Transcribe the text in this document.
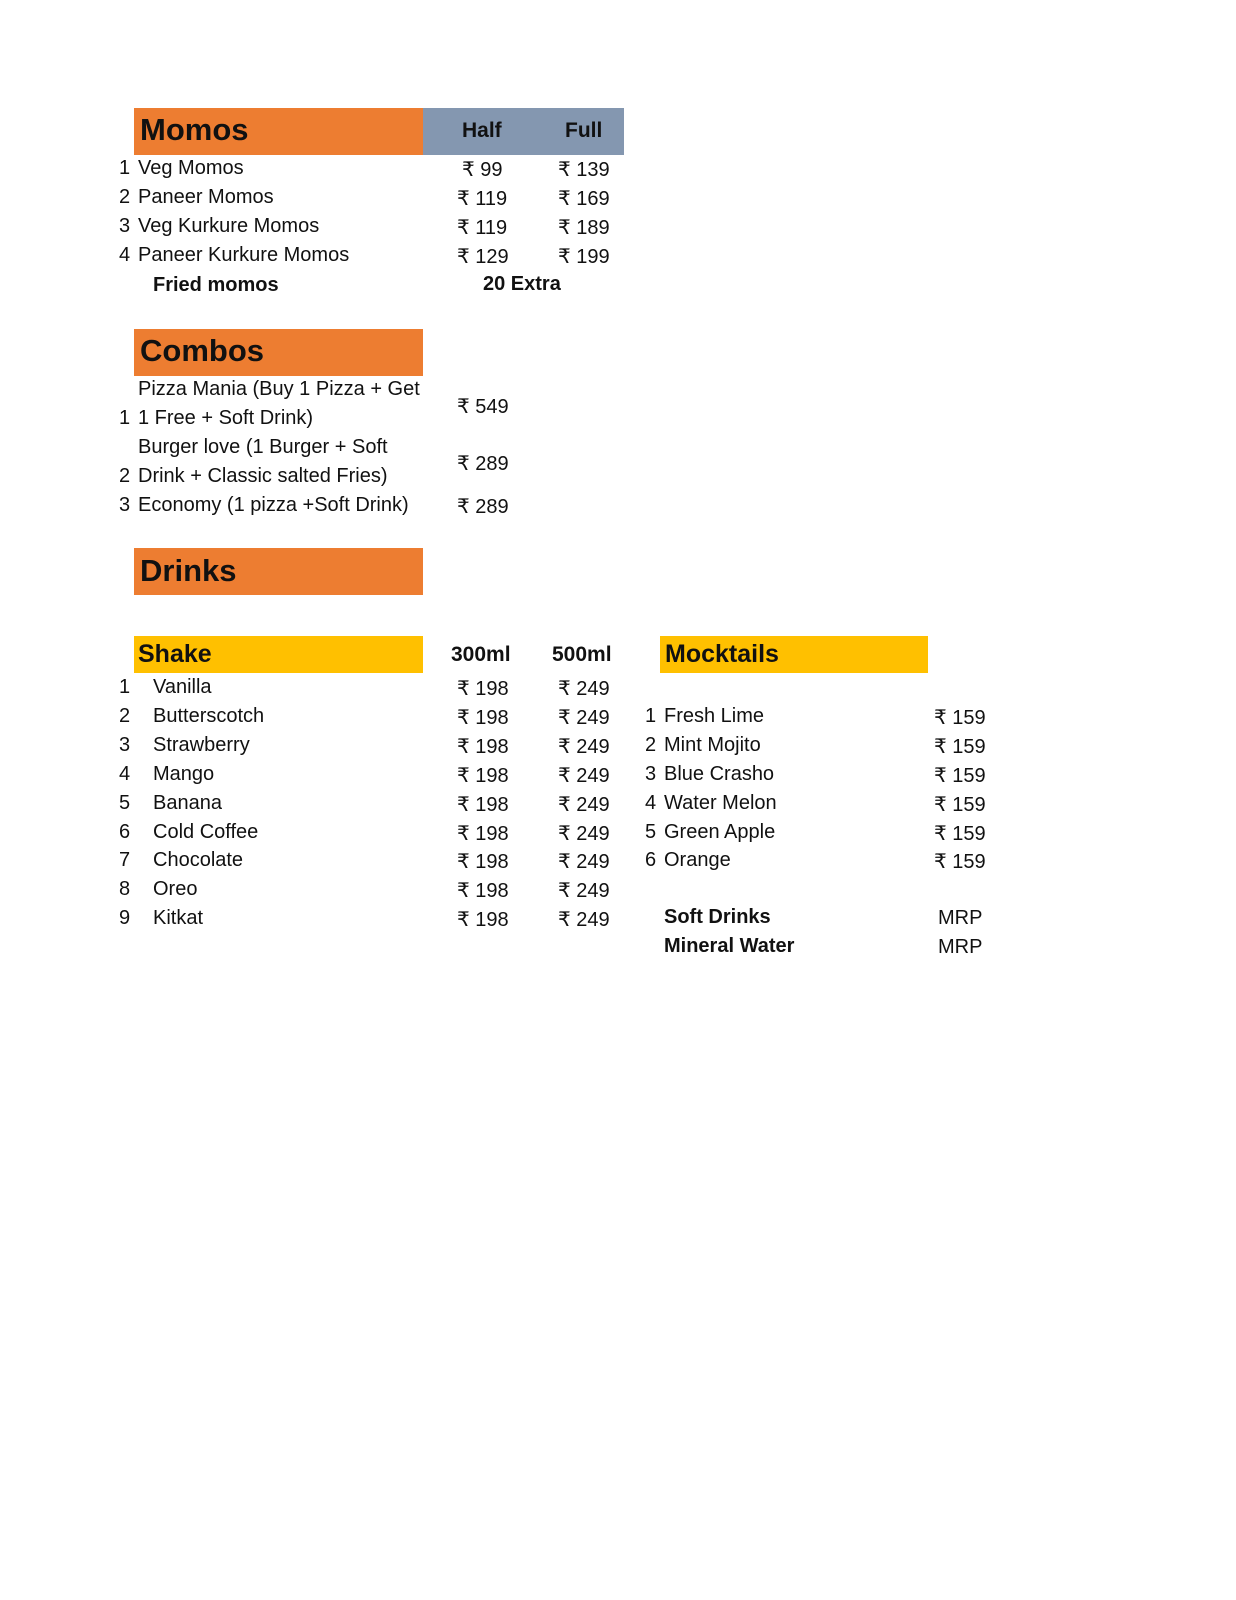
Momos	Half	Full
1 Veg Momos	₹ 99	₹ 139
2 Paneer Momos	₹ 119	₹ 169
3 Veg Kurkure Momos	₹ 119	₹ 189
4 Paneer Kurkure Momos	₹ 129 ₹ 199
Fried momos	20 Extra
Combos
Pizza Mania (Buy 1 Pizza + Get
1 1 Free + Soft Drink)	₹ 549
Burger love (1 Burger + Soft
2 Drink + Classic salted Fries)
₹ 289
3 Economy (1 pizza +Soft Drink) ₹ 289
Drinks
Shake	300ml 500ml
1 Vanilla	₹ 198 ₹ 249
2 Butterscotch	₹ 198 ₹ 249
3 Strawberry	₹ 198 ₹ 249
4 Mango	₹ 198 ₹ 249
5 Banana	₹ 198 ₹ 249
6 Cold Coffee	₹ 198 ₹ 249
7 Chocolate	₹ 198 ₹ 249
8 Oreo	₹ 198 ₹ 249
9 Kitkat	₹ 198 ₹ 249
Mocktails
1 Fresh Lime	₹ 159
2 Mint Mojito	₹ 159
3 Blue Crasho	₹ 159
4 Water Melon	₹ 159
5 Green Apple	₹ 159
6 Orange	₹ 159
Soft Drinks	MRP
Mineral Water	MRP
